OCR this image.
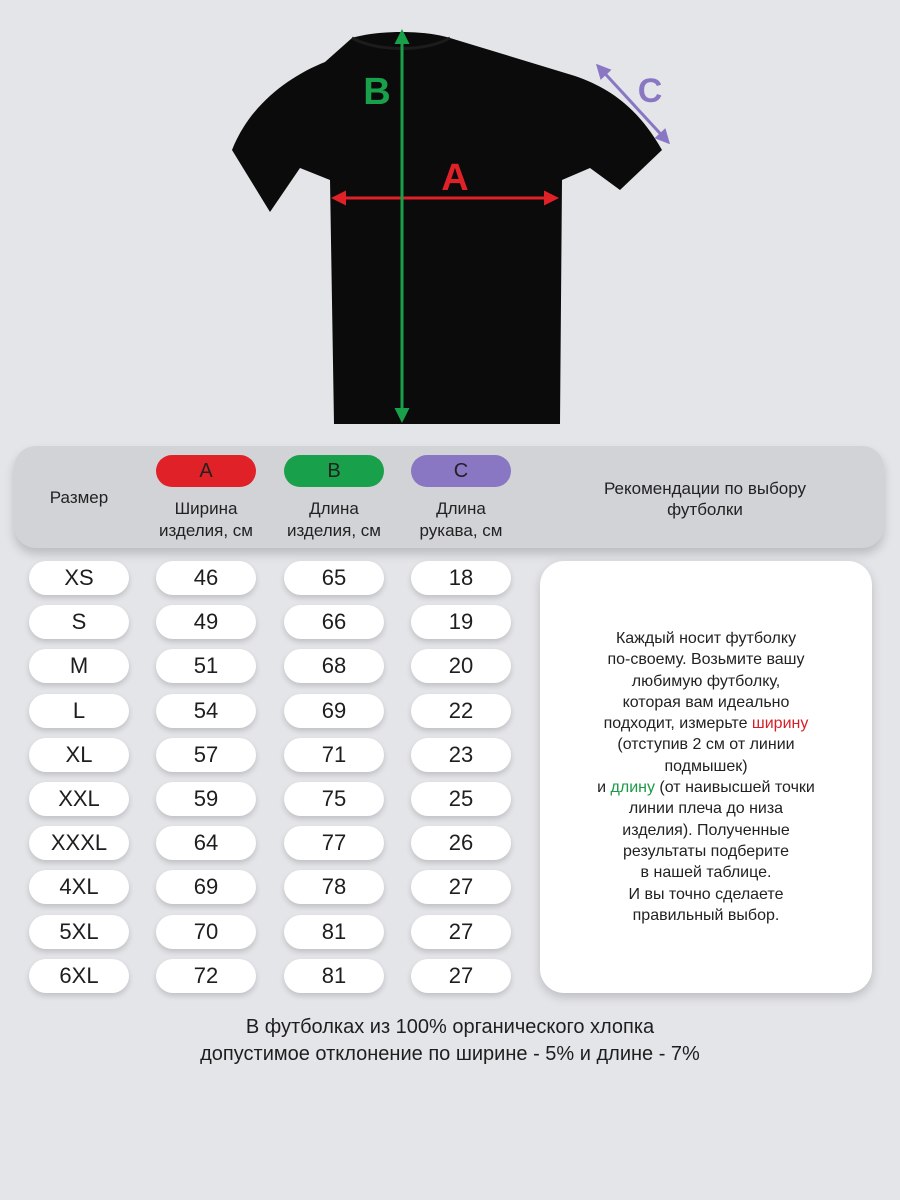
A
B	C
Размер
A	B	C
Ширина
изделия, см
Длина
изделия, см
Длина
рукава, см
Рекомендации по выбору
футболки
XS	46	65	18
S	49	66	19
M	51	68	20
L	54	69	22
XL	57	71	23
XXL	59	75	25
XXXL	64	77	26
4XL	69	78	27
5XL	70	81	27
6XL	72	81	27
Каждый носит футболку
по-своему. Возьмите вашу
любимую футболку,
которая вам идеально
подходит, измерьте ширину
(отступив 2 см от линии
подмышек)
и длину (от наивысшей точки
линии плеча до низа
изделия). Полученные
результаты подберите
в нашей таблице.
И вы точно сделаете
правильный выбор.
В футболках из 100% органического хлопка
допустимое отклонение по ширине - 5% и длине - 7%
